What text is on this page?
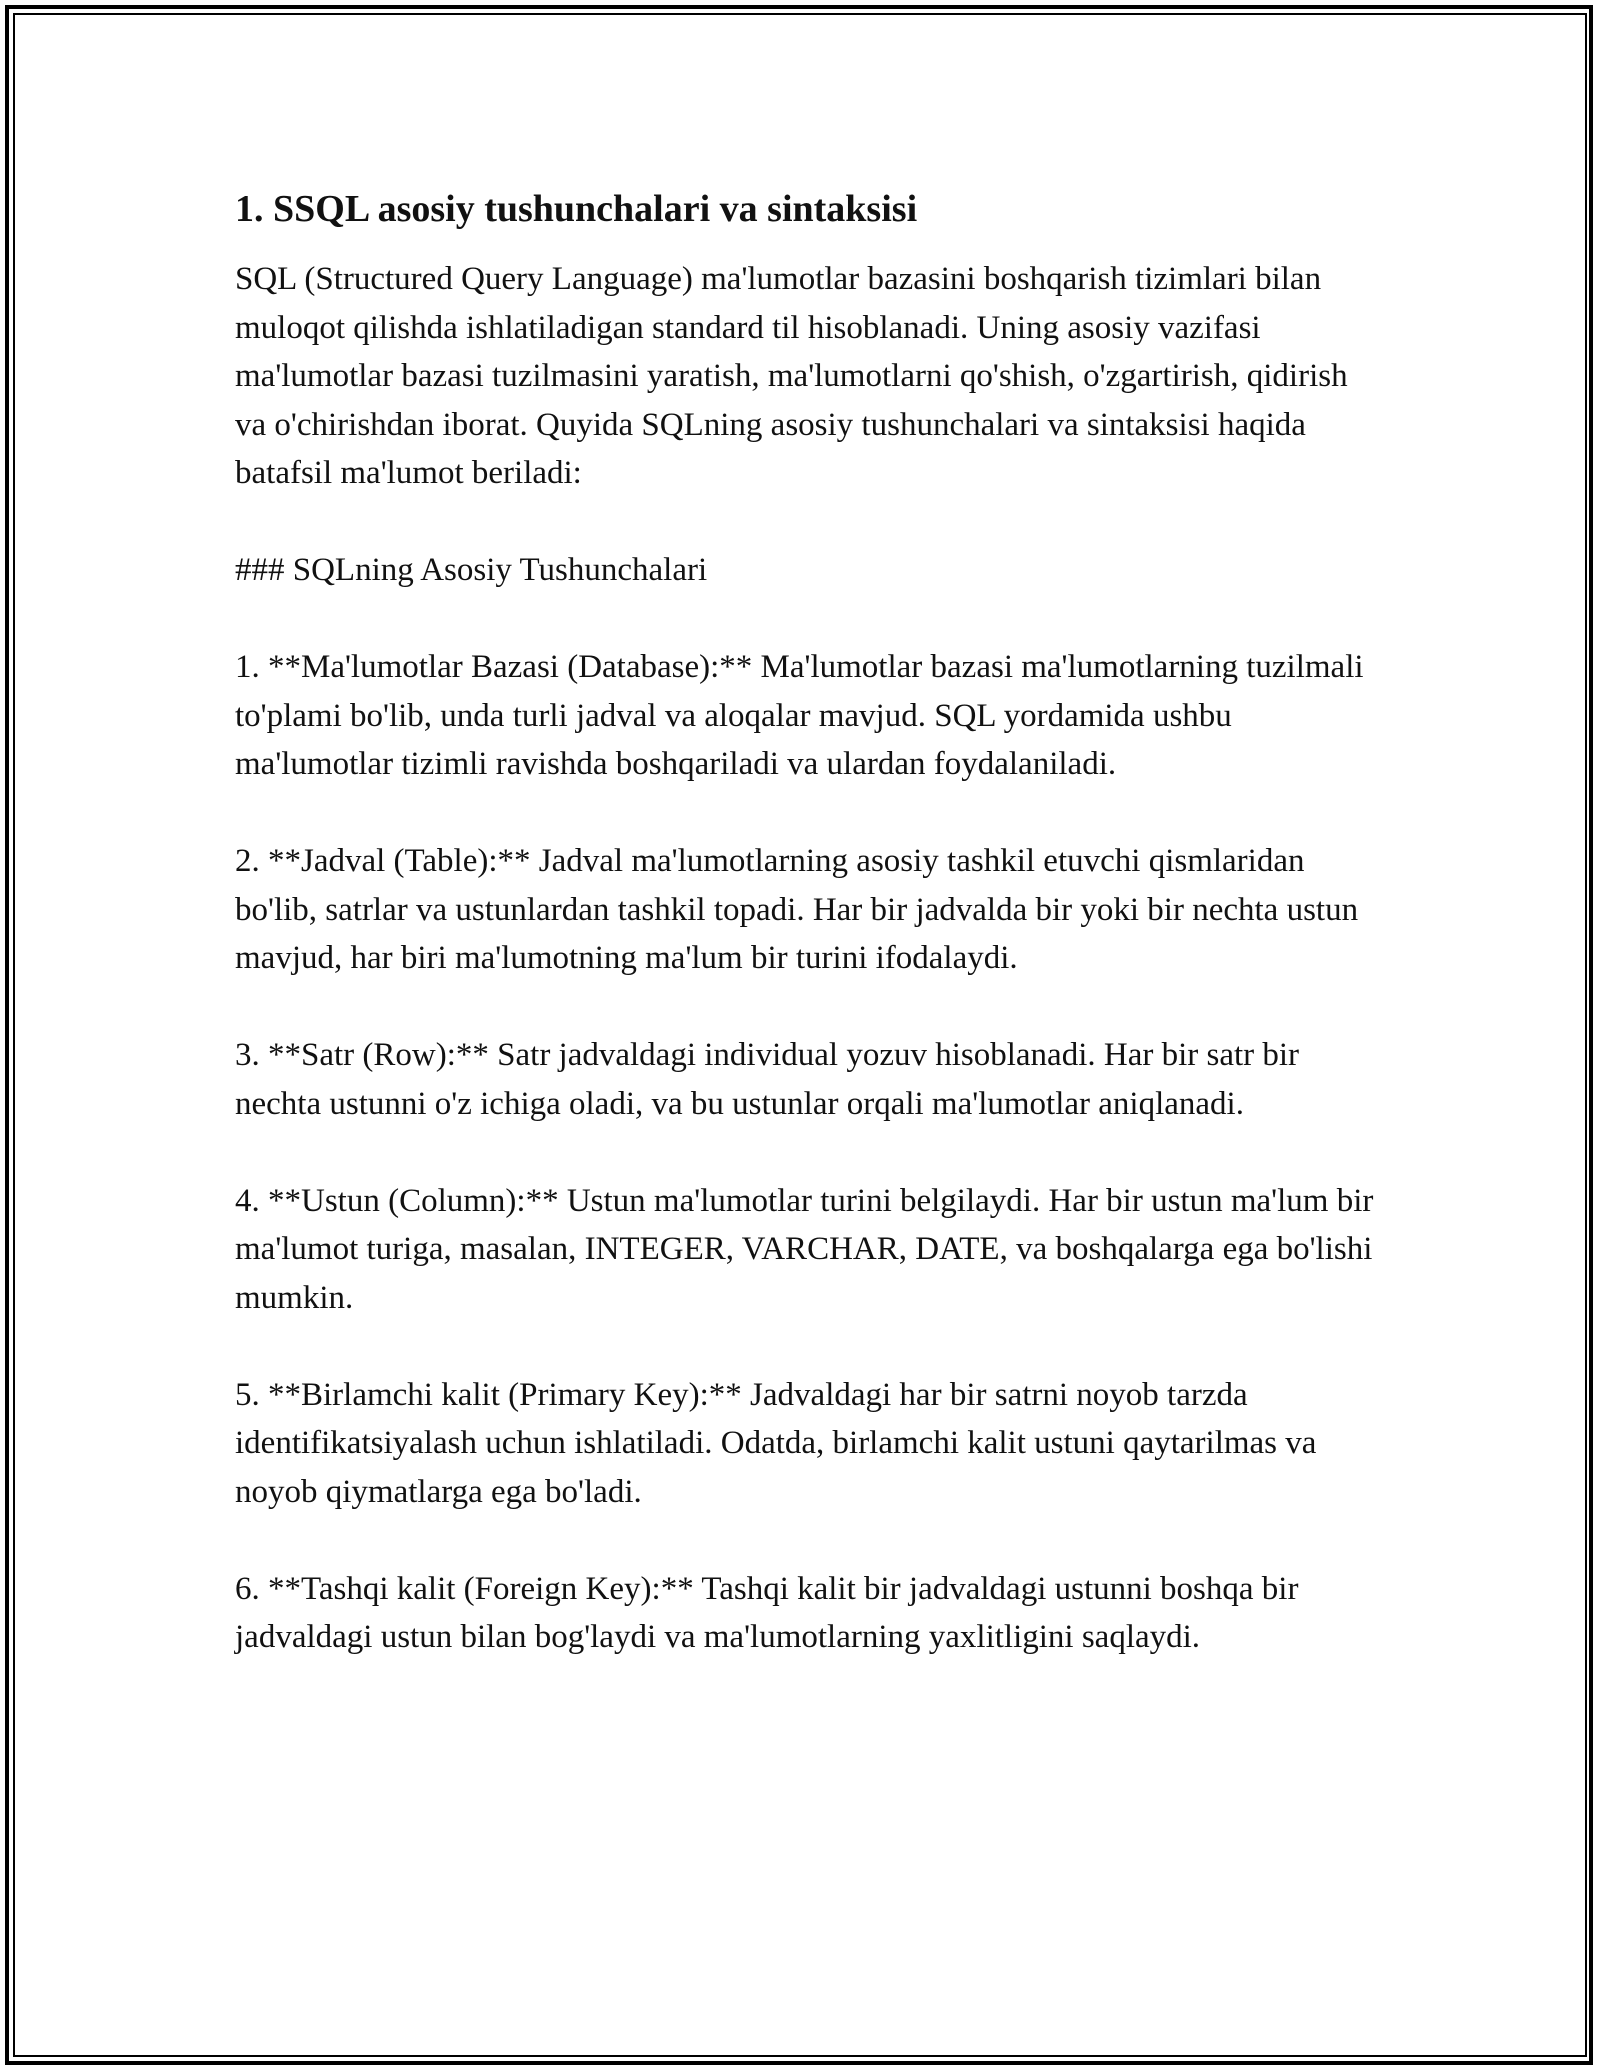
1. SSQL asosiy tushunchalari va sintaksisi

SQL (Structured Query Language) ma'lumotlar bazasini boshqarish tizimlari bilan muloqot qilishda ishlatiladigan standard til hisoblanadi. Uning asosiy vazifasi ma'lumotlar bazasi tuzilmasini yaratish, ma'lumotlarni qo'shish, o'zgartirish, qidirish va o'chirishdan iborat. Quyida SQLning asosiy tushunchalari va sintaksisi haqida batafsil ma'lumot beriladi:

### SQLning Asosiy Tushunchalari

1. **Ma'lumotlar Bazasi (Database):** Ma'lumotlar bazasi ma'lumotlarning tuzilmali to'plami bo'lib, unda turli jadval va aloqalar mavjud. SQL yordamida ushbu ma'lumotlar tizimli ravishda boshqariladi va ulardan foydalaniladi.

2. **Jadval (Table):** Jadval ma'lumotlarning asosiy tashkil etuvchi qismlaridan bo'lib, satrlar va ustunlardan tashkil topadi. Har bir jadvalda bir yoki bir nechta ustun mavjud, har biri ma'lumotning ma'lum bir turini ifodalaydi.

3. **Satr (Row):** Satr jadvaldagi individual yozuv hisoblanadi. Har bir satr bir nechta ustunni o'z ichiga oladi, va bu ustunlar orqali ma'lumotlar aniqlanadi.

4. **Ustun (Column):** Ustun ma'lumotlar turini belgilaydi. Har bir ustun ma'lum bir ma'lumot turiga, masalan, INTEGER, VARCHAR, DATE, va boshqalarga ega bo'lishi mumkin.

5. **Birlamchi kalit (Primary Key):** Jadvaldagi har bir satrni noyob tarzda identifikatsiyalash uchun ishlatiladi. Odatda, birlamchi kalit ustuni qaytarilmas va noyob qiymatlarga ega bo'ladi.

6. **Tashqi kalit (Foreign Key):** Tashqi kalit bir jadvaldagi ustunni boshqa bir jadvaldagi ustun bilan bog'laydi va ma'lumotlarning yaxlitligini saqlaydi.
